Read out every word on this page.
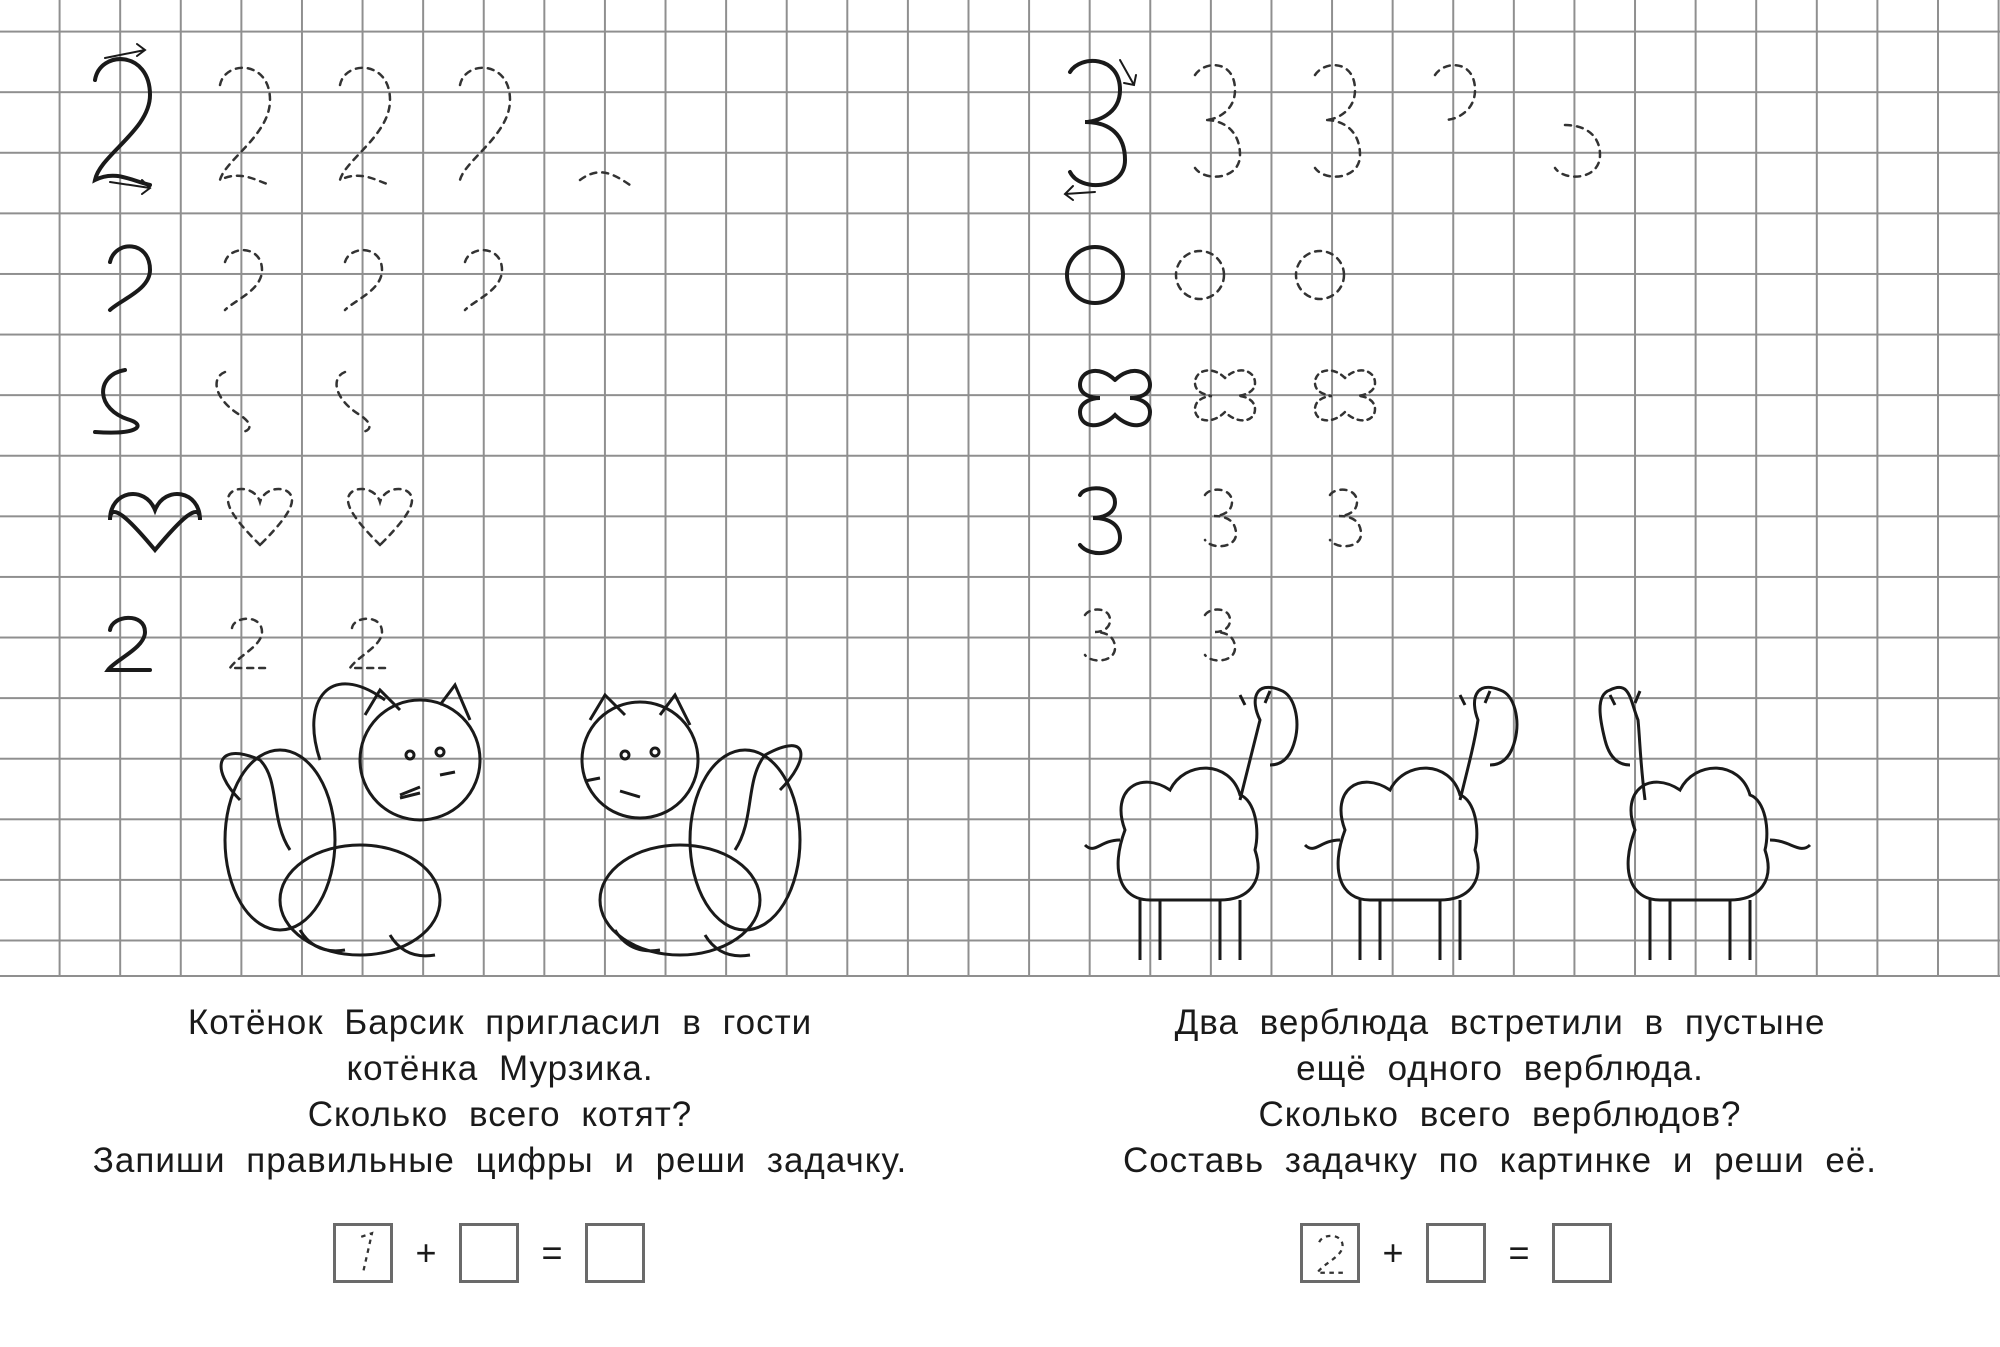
Котёнок Барсик пригласил в гости

котёнка Мурзика.

Сколько всего котят?

Запиши правильные цифры и реши задачку.

+	=

Два верблюда встретили в пустыне

ещё одного верблюда.

Сколько всего верблюдов?

Составь задачку по картинке и реши её.

+	=
